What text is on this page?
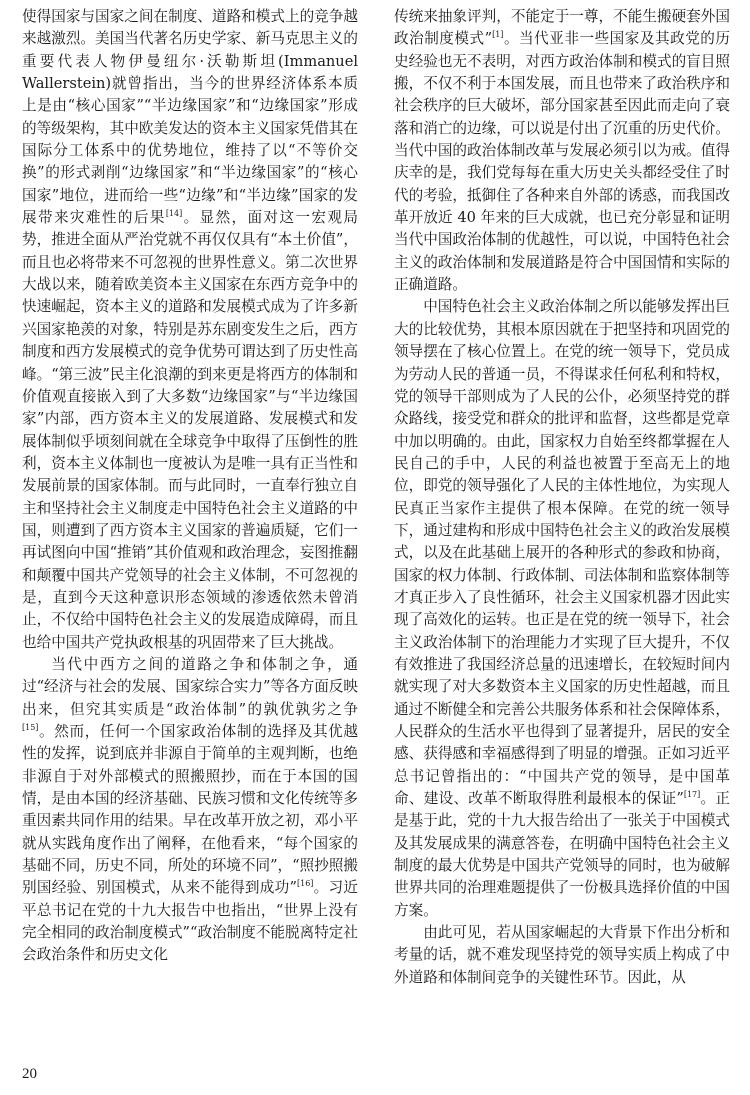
使得国家与国家之间在制度、道路和模式上的竞争越来越激烈。美国当代著名历史学家、新马克思主义的重要代表人物伊曼纽尔·沃勒斯坦(Immanuel Wallerstein)就曾指出，当今的世界经济体系本质上是由“核心国家”“半边缘国家”和“边缘国家”形成的等级架构，其中欧美发达的资本主义国家凭借其在国际分工体系中的优势地位，维持了以“不等价交换”的形式剥削“边缘国家”和“半边缘国家”的“核心国家”地位，进而给一些“边缘”和“半边缘”国家的发展带来灾难性的后果[14]。显然，面对这一宏观局势，推进全面从严治党就不再仅仅具有“本土价值”，而且也必将带来不可忽视的世界性意义。第二次世界大战以来，随着欧美资本主义国家在东西方竞争中的快速崛起，资本主义的道路和发展模式成为了许多新兴国家艳羡的对象，特别是苏东剧变发生之后，西方制度和西方发展模式的竞争优势可谓达到了历史性高峰。“第三波”民主化浪潮的到来更是将西方的体制和价值观直接嵌入到了大多数“边缘国家”与“半边缘国家”内部，西方资本主义的发展道路、发展模式和发展体制似乎顷刻间就在全球竞争中取得了压倒性的胜利，资本主义体制也一度被认为是唯一具有正当性和发展前景的国家体制。而与此同时，一直奉行独立自主和坚持社会主义制度走中国特色社会主义道路的中国，则遭到了西方资本主义国家的普遍质疑，它们一再试图向中国“推销”其价值观和政治理念，妄图推翻和颠覆中国共产党领导的社会主义体制，不可忽视的是，直到今天这种意识形态领域的渗透依然未曾消止，不仅给中国特色社会主义的发展造成障碍，而且也给中国共产党执政根基的巩固带来了巨大挑战。

当代中西方之间的道路之争和体制之争，通过“经济与社会的发展、国家综合实力”等各方面反映出来，但究其实质是“政治体制”的孰优孰劣之争[15]。然而，任何一个国家政治体制的选择及其优越性的发挥，说到底并非源自于简单的主观判断，也绝非源自于对外部模式的照搬照抄，而在于本国的国情，是由本国的经济基础、民族习惯和文化传统等多重因素共同作用的结果。早在改革开放之初，邓小平就从实践角度作出了阐释，在他看来，“每个国家的基础不同，历史不同，所处的环境不同”，“照抄照搬别国经验、别国模式，从来不能得到成功”[16]。习近平总书记在党的十九大报告中也指出，“世界上没有完全相同的政治制度模式”“政治制度不能脱离特定社会政治条件和历史文化

传统来抽象评判，不能定于一尊，不能生搬硬套外国政治制度模式”[1]。当代亚非一些国家及其政党的历史经验也无不表明，对西方政治体制和模式的盲目照搬，不仅不利于本国发展，而且也带来了政治秩序和社会秩序的巨大破坏，部分国家甚至因此而走向了衰落和消亡的边缘，可以说是付出了沉重的历史代价。当代中国的政治体制改革与发展必须引以为戒。值得庆幸的是，我们党每每在重大历史关头都经受住了时代的考验，抵御住了各种来自外部的诱惑，而我国改革开放近 40 年来的巨大成就，也已充分彰显和证明当代中国政治体制的优越性，可以说，中国特色社会主义的政治体制和发展道路是符合中国国情和实际的正确道路。

中国特色社会主义政治体制之所以能够发挥出巨大的比较优势，其根本原因就在于把坚持和巩固党的领导摆在了核心位置上。在党的统一领导下，党员成为劳动人民的普通一员，不得谋求任何私利和特权，党的领导干部则成为了人民的公仆，必须坚持党的群众路线，接受党和群众的批评和监督，这些都是党章中加以明确的。由此，国家权力自始至终都掌握在人民自己的手中，人民的利益也被置于至高无上的地位，即党的领导强化了人民的主体性地位，为实现人民真正当家作主提供了根本保障。在党的统一领导下，通过建构和形成中国特色社会主义的政治发展模式，以及在此基础上展开的各种形式的参政和协商，国家的权力体制、行政体制、司法体制和监察体制等才真正步入了良性循环，社会主义国家机器才因此实现了高效化的运转。也正是在党的统一领导下，社会主义政治体制下的治理能力才实现了巨大提升，不仅有效推进了我国经济总量的迅速增长，在较短时间内就实现了对大多数资本主义国家的历史性超越，而且通过不断健全和完善公共服务体系和社会保障体系，人民群众的生活水平也得到了显著提升，居民的安全感、获得感和幸福感得到了明显的增强。正如习近平总书记曾指出的：“中国共产党的领导，是中国革命、建设、改革不断取得胜利最根本的保证”[17]。正是基于此，党的十九大报告给出了一张关于中国模式及其发展成果的满意答卷，在明确中国特色社会主义制度的最大优势是中国共产党领导的同时，也为破解世界共同的治理难题提供了一份极具选择价值的中国方案。

由此可见，若从国家崛起的大背景下作出分析和考量的话，就不难发现坚持党的领导实质上构成了中外道路和体制间竞争的关键性环节。因此，从

20
